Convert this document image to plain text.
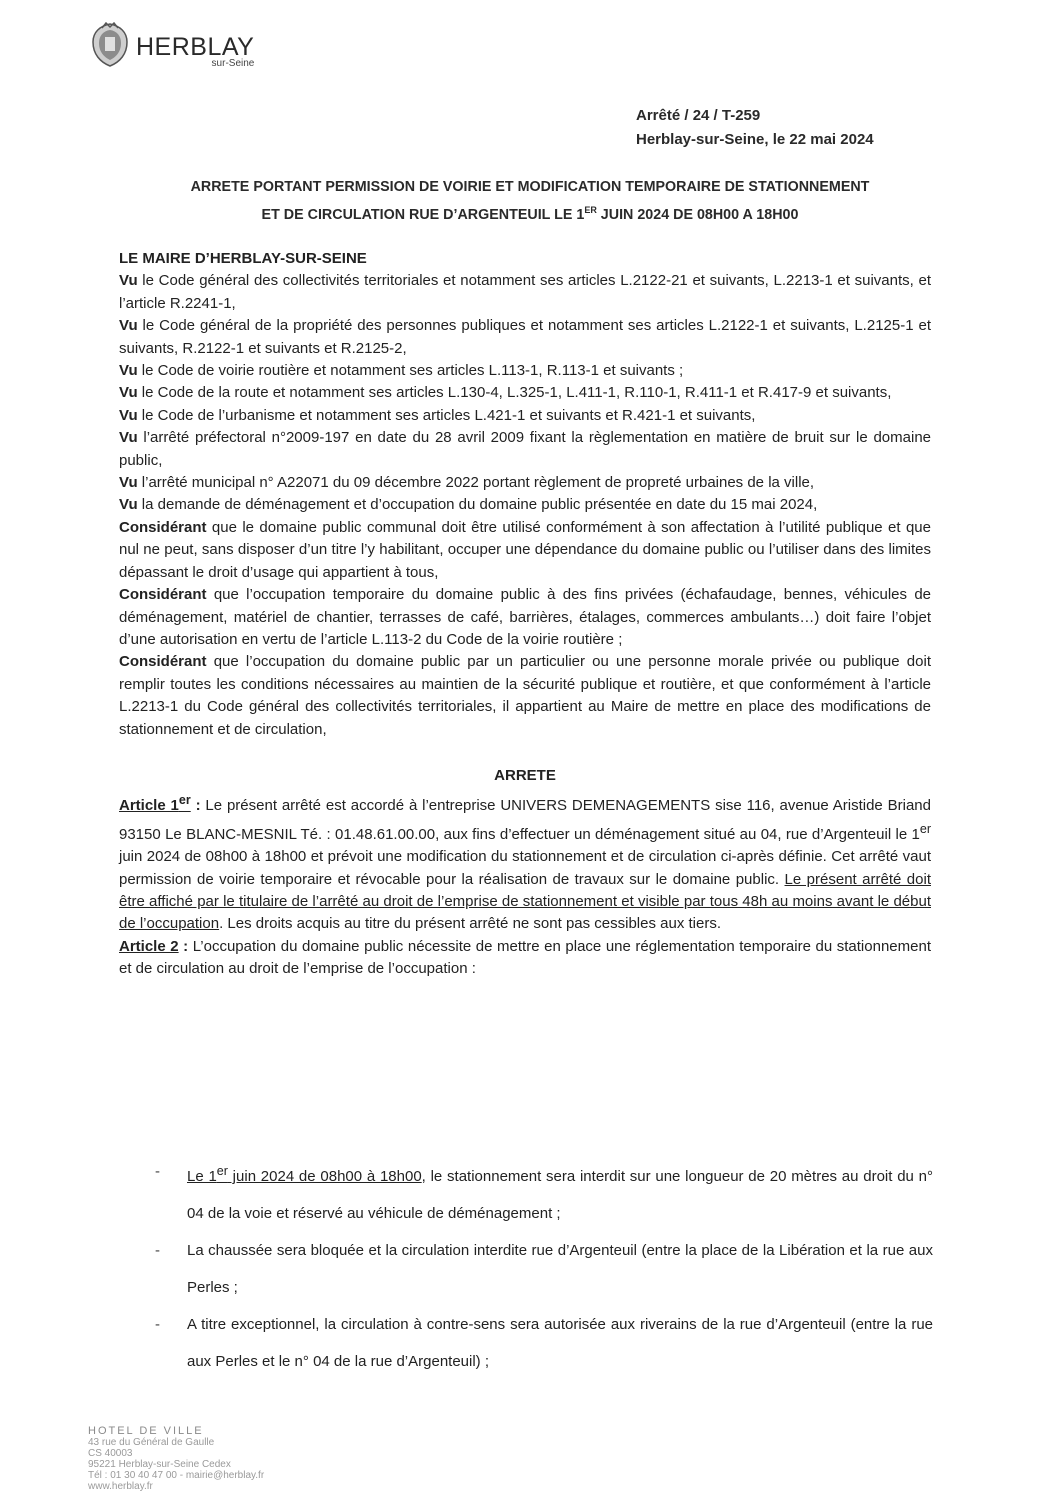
HERBLAY
sur-Seine
Arrêté / 24 / T-259
Herblay-sur-Seine, le 22 mai 2024
ARRETE PORTANT PERMISSION DE VOIRIE ET MODIFICATION TEMPORAIRE DE STATIONNEMENT
ET DE CIRCULATION RUE D’ARGENTEUIL LE 1ER JUIN 2024 DE 08H00 A 18H00

LE MAIRE D’HERBLAY-SUR-SEINE

Vu le Code général des collectivités territoriales et notamment ses articles L.2122-21 et suivants, L.2213-1 et suivants, et l’article R.2241-1,

Vu le Code général de la propriété des personnes publiques et notamment ses articles L.2122-1 et suivants, L.2125-1 et suivants, R.2122-1 et suivants et R.2125-2,

Vu le Code de voirie routière et notamment ses articles L.113-1, R.113-1 et suivants ;

Vu le Code de la route et notamment ses articles L.130-4, L.325-1, L.411-1, R.110-1, R.411-1 et R.417-9 et suivants,

Vu le Code de l’urbanisme et notamment ses articles L.421-1 et suivants et R.421-1 et suivants,

Vu l’arrêté préfectoral n°2009-197 en date du 28 avril 2009 fixant la règlementation en matière de bruit sur le domaine public,

Vu l’arrêté municipal n° A22071 du 09 décembre 2022 portant règlement de propreté urbaines de la ville,

Vu la demande de déménagement et d’occupation du domaine public présentée en date du 15 mai 2024,

Considérant que le domaine public communal doit être utilisé conformément à son affectation à l’utilité publique et que nul ne peut, sans disposer d’un titre l’y habilitant, occuper une dépendance du domaine public ou l’utiliser dans des limites dépassant le droit d’usage qui appartient à tous,

Considérant que l’occupation temporaire du domaine public à des fins privées (échafaudage, bennes, véhicules de déménagement, matériel de chantier, terrasses de café, barrières, étalages, commerces ambulants…) doit faire l’objet d’une autorisation en vertu de l’article L.113-2 du Code de la voirie routière ;

Considérant que l’occupation du domaine public par un particulier ou une personne morale privée ou publique doit remplir toutes les conditions nécessaires au maintien de la sécurité publique et routière, et que conformément à l’article L.2213-1 du Code général des collectivités territoriales, il appartient au Maire de mettre en place des modifications de stationnement et de circulation,

ARRETE

Article 1er : Le présent arrêté est accordé à l’entreprise UNIVERS DEMENAGEMENTS sise 116, avenue Aristide Briand 93150 Le BLANC-MESNIL Té. : 01.48.61.00.00, aux fins d’effectuer un déménagement situé au 04, rue d’Argenteuil le 1er juin 2024 de 08h00 à 18h00 et prévoit une modification du stationnement et de circulation ci-après définie. Cet arrêté vaut permission de voirie temporaire et révocable pour la réalisation de travaux sur le domaine public. Le présent arrêté doit être affiché par le titulaire de l’arrêté au droit de l’emprise de stationnement et visible par tous 48h au moins avant le début de l’occupation. Les droits acquis au titre du présent arrêté ne sont pas cessibles aux tiers.

Article 2 : L’occupation du domaine public nécessite de mettre en place une réglementation temporaire du stationnement et de circulation au droit de l’emprise de l’occupation :

-	Le 1er juin 2024 de 08h00 à 18h00, le stationnement sera interdit sur une longueur de 20 mètres au droit du n° 04 de la voie et réservé au véhicule de déménagement ;
-	La chaussée sera bloquée et la circulation interdite rue d’Argenteuil (entre la place de la Libération et la rue aux Perles ;
-	A titre exceptionnel, la circulation à contre-sens sera autorisée aux riverains de la rue d’Argenteuil (entre la rue aux Perles et le n° 04 de la rue d’Argenteuil) ;
HOTEL DE VILLE
43 rue du Général de Gaulle
CS 40003
95221 Herblay-sur-Seine Cedex
Tél : 01 30 40 47 00 - mairie@herblay.fr
www.herblay.fr
